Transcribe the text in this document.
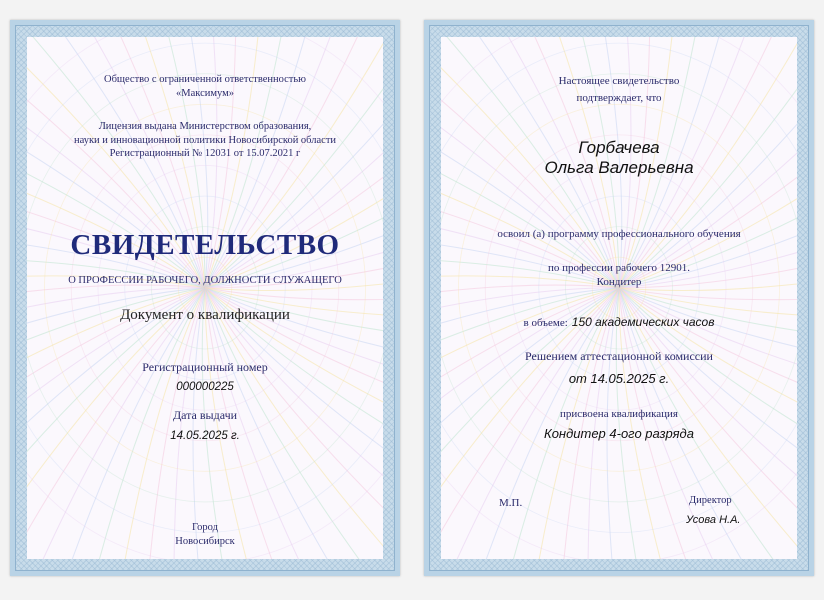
Общество с ограниченной ответственностью
«Максимум»
Лицензия выдана Министерством образования,
науки и инновационной политики Новосибирской области
Регистрационный № 12031 от 15.07.2021 г
СВИДЕТЕЛЬСТВО
О ПРОФЕССИИ РАБОЧЕГО, ДОЛЖНОСТИ СЛУЖАЩЕГО
Документ о квалификации
Регистрационный номер
000000225
Дата выдачи
14.05.2025 г.
Город
Новосибирск
Настоящее свидетельство
подтверждает, что
Горбачева
Ольга Валерьевна
освоил (а) программу профессионального обучения
по профессии рабочего 12901.
Кондитер
в объеме: 150 академических часов
Решением аттестационной комиссии
от 14.05.2025 г.
присвоена квалификация
Кондитер 4-ого разряда
М.П.	Директор
Усова Н.А.
